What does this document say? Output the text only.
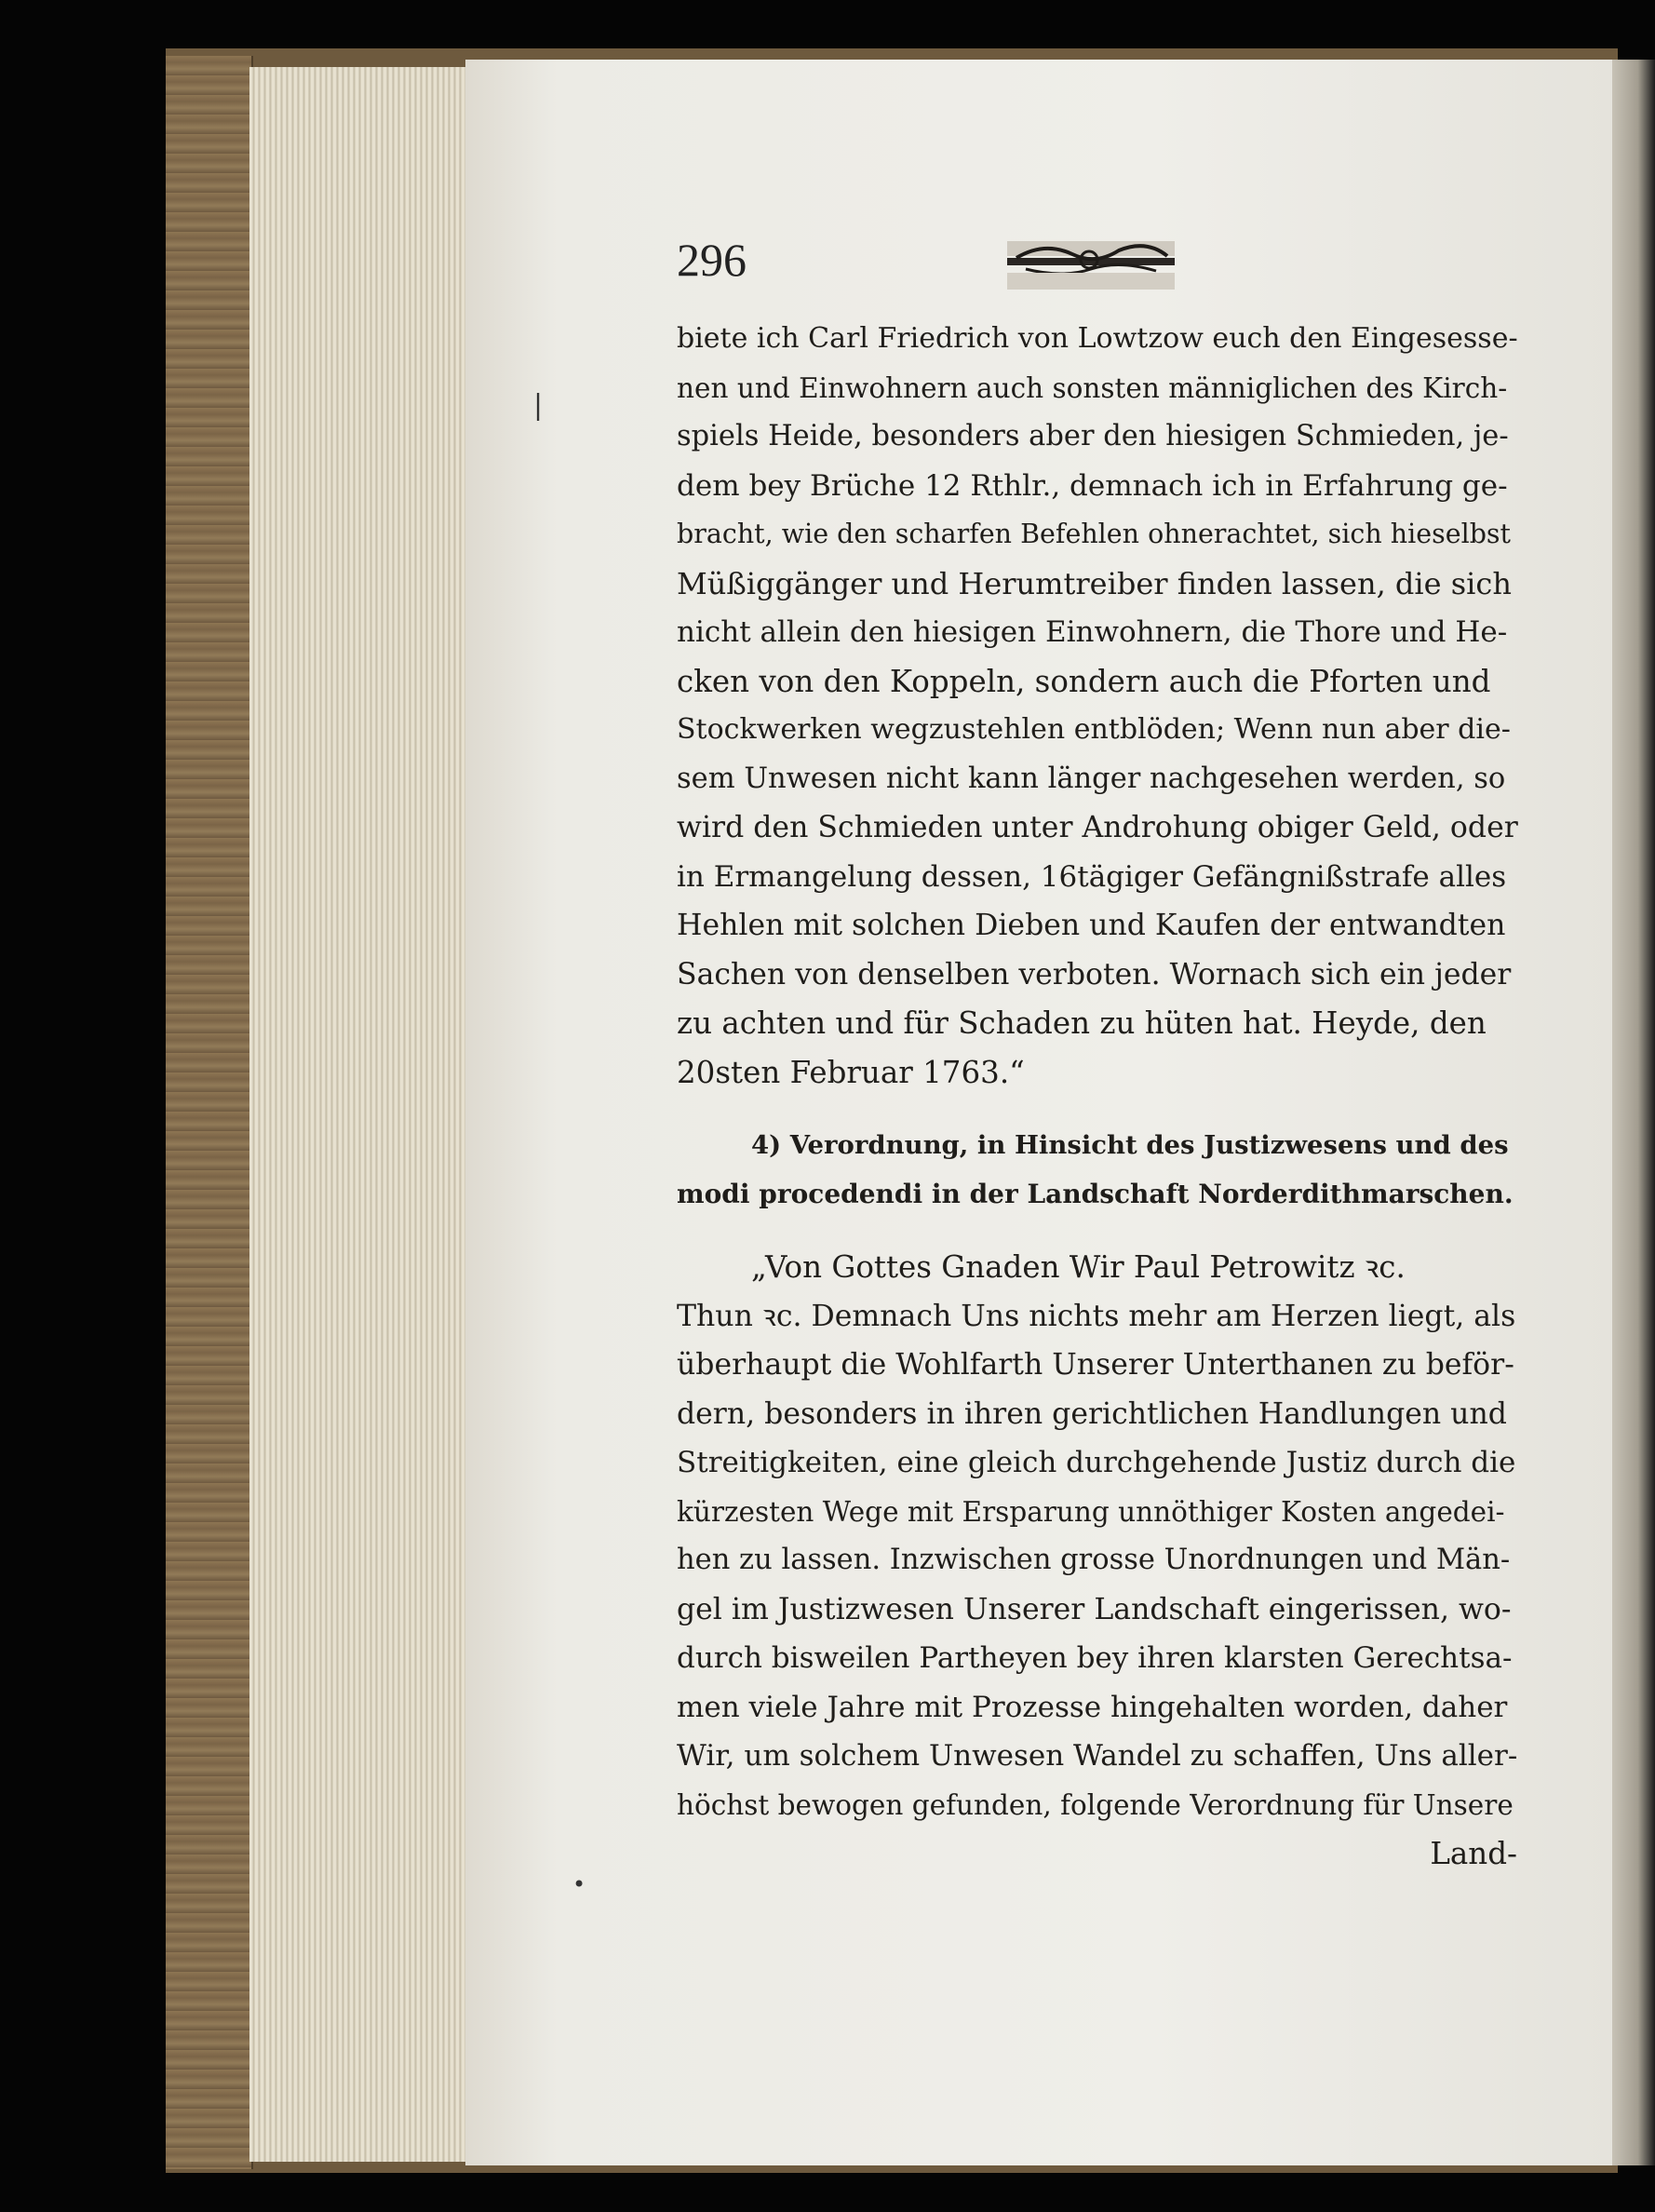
296
|
•
biete ich Carl Friedrich von Lowtzow euch den Eingesesse-
nen und Einwohnern auch sonsten männiglichen des Kirch-
spiels Heide, besonders aber den hiesigen Schmieden, je-
dem bey Brüche 12 Rthlr., demnach ich in Erfahrung ge-
bracht, wie den scharfen Befehlen ohnerachtet, sich hieselbst
Müßiggänger und Herumtreiber finden lassen, die sich
nicht allein den hiesigen Einwohnern, die Thore und He-
cken von den Koppeln, sondern auch die Pforten und
Stockwerken wegzustehlen entblöden; Wenn nun aber die-
sem Unwesen nicht kann länger nachgesehen werden, so
wird den Schmieden unter Androhung obiger Geld, oder
in Ermangelung dessen, 16tägiger Gefängnißstrafe alles
Hehlen mit solchen Dieben und Kaufen der entwandten
Sachen von denselben verboten. Wornach sich ein jeder
zu achten und für Schaden zu hüten hat. Heyde, den
20sten Februar 1763.“
4) Verordnung, in Hinsicht des Justizwesens und des
modi procedendi in der Landschaft Norderdithmarschen.
„Von Gottes Gnaden Wir Paul Petrowitz ꝛc.
Thun ꝛc. Demnach Uns nichts mehr am Herzen liegt, als
überhaupt die Wohlfarth Unserer Unterthanen zu beför-
dern, besonders in ihren gerichtlichen Handlungen und
Streitigkeiten, eine gleich durchgehende Justiz durch die
kürzesten Wege mit Ersparung unnöthiger Kosten angedei-
hen zu lassen. Inzwischen grosse Unordnungen und Män-
gel im Justizwesen Unserer Landschaft eingerissen, wo-
durch bisweilen Partheyen bey ihren klarsten Gerechtsa-
men viele Jahre mit Prozesse hingehalten worden, daher
Wir, um solchem Unwesen Wandel zu schaffen, Uns aller-
höchst bewogen gefunden, folgende Verordnung für Unsere
Land-
